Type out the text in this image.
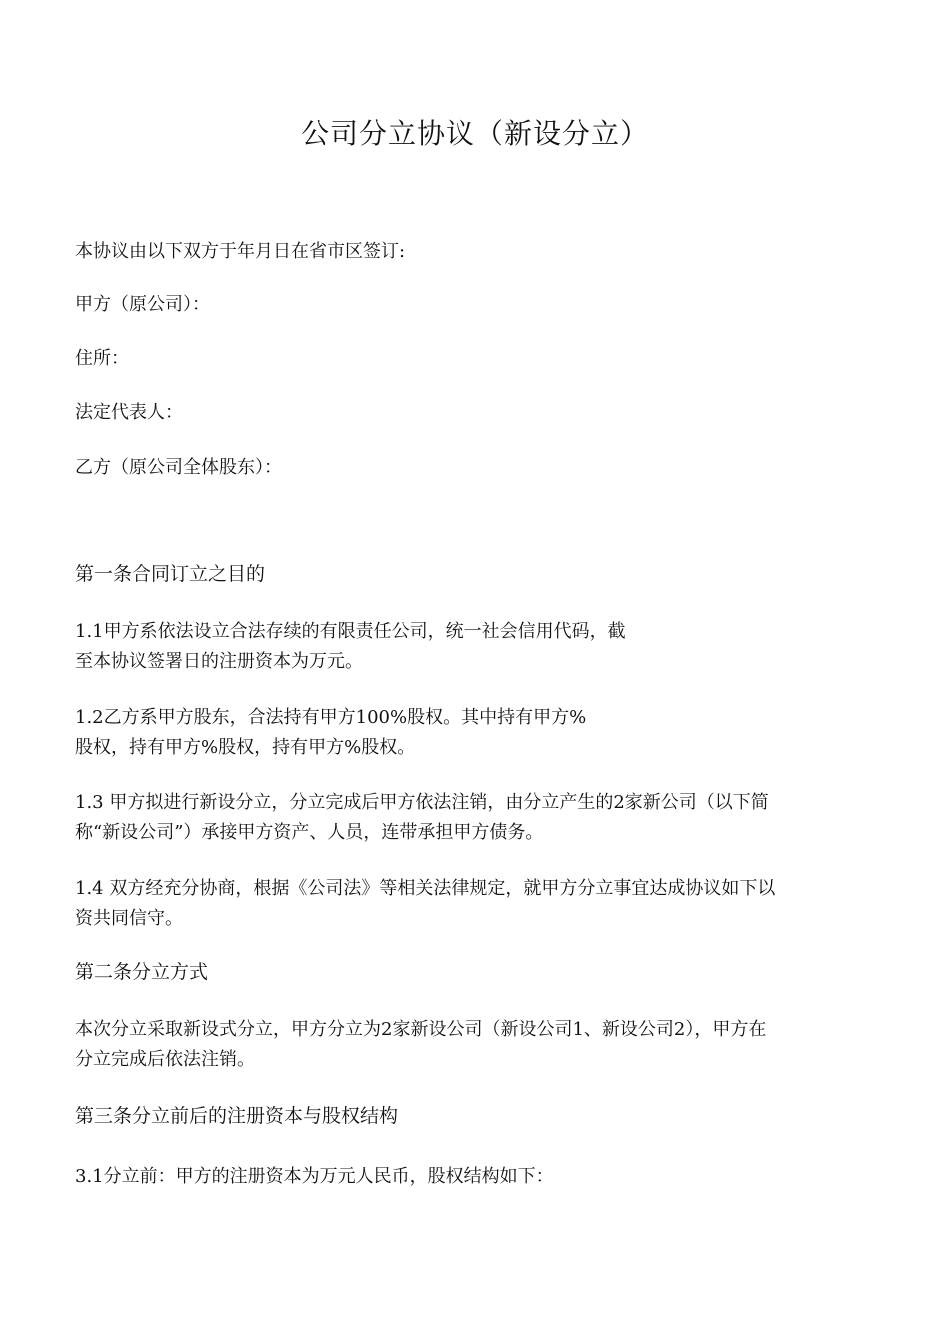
公司分立协议（新设分立）
本协议由以下双方于年月日在省市区签订:
甲方（原公司）：
住所：
法定代表人：
乙方（原公司全体股东）：
第一条合同订立之目的
1.1甲方系依法设立合法存续的有限责任公司，统一社会信用代码，截
至本协议签署日的注册资本为万元。
1.2乙方系甲方股东，合法持有甲方100%股权。其中持有甲方%
股权，持有甲方%股权，持有甲方%股权。
1.3 甲方拟进行新设分立，分立完成后甲方依法注销，由分立产生的2家新公司（以下简
称“新设公司”）承接甲方资产、人员，连带承担甲方债务。
1.4 双方经充分协商，根据《公司法》等相关法律规定，就甲方分立事宜达成协议如下以
资共同信守。
第二条分立方式
本次分立采取新设式分立，甲方分立为2家新设公司（新设公司1、新设公司2），甲方在
分立完成后依法注销。
第三条分立前后的注册资本与股权结构
3.1分立前：甲方的注册资本为万元人民币，股权结构如下：
